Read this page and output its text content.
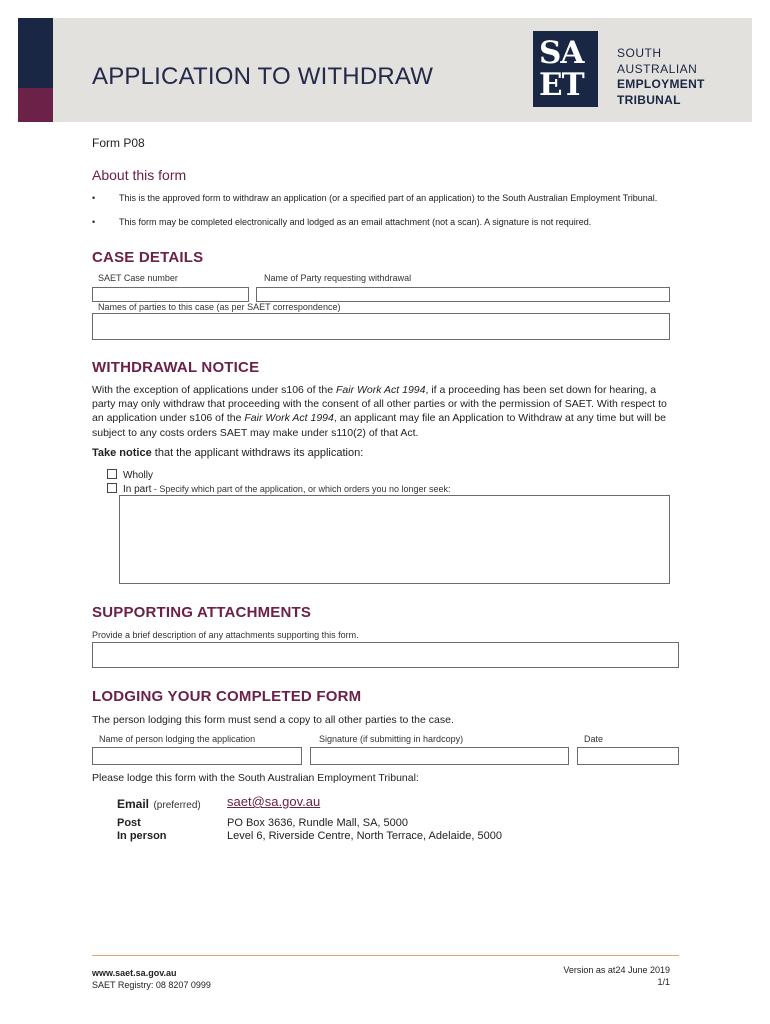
APPLICATION TO WITHDRAW
SA
ET
SOUTH
AUSTRALIAN
EMPLOYMENT
TRIBUNAL
Form P08
About this form
•	This is the approved form to withdraw an application (or a specified part of an application) to the South Australian Employment Tribunal.
•	This form may be completed electronically and lodged as an email attachment (not a scan). A signature is not required.
CASE DETAILS
SAET Case number	Name of Party requesting withdrawal
Names of parties to this case (as per SAET correspondence)
WITHDRAWAL NOTICE
With the exception of applications under s106 of the Fair Work Act 1994, if a proceeding has been set down for hearing, a party may only withdraw that proceeding with the consent of all other parties or with the permission of SAET. With respect to an application under s106 of the Fair Work Act 1994, an applicant may file an Application to Withdraw at any time but will be subject to any costs orders SAET may make under s110(2) of that Act.
Take notice that the applicant withdraws its application:
Wholly
In part - Specify which part of the application, or which orders you no longer seek:
SUPPORTING ATTACHMENTS
Provide a brief description of any attachments supporting this form.
LODGING YOUR COMPLETED FORM
The person lodging this form must send a copy to all other parties to the case.
Name of person lodging the application	Signature (if submitting in hardcopy)	Date
Please lodge this form with the South Australian Employment Tribunal:
Email (preferred) saet@sa.gov.au
Post	PO Box 3636, Rundle Mall, SA, 5000
In person	Level 6, Riverside Centre, North Terrace, Adelaide, 5000
www.saet.sa.gov.au
SAET Registry: 08 8207 0999
Version as at24 June 2019
1/1
